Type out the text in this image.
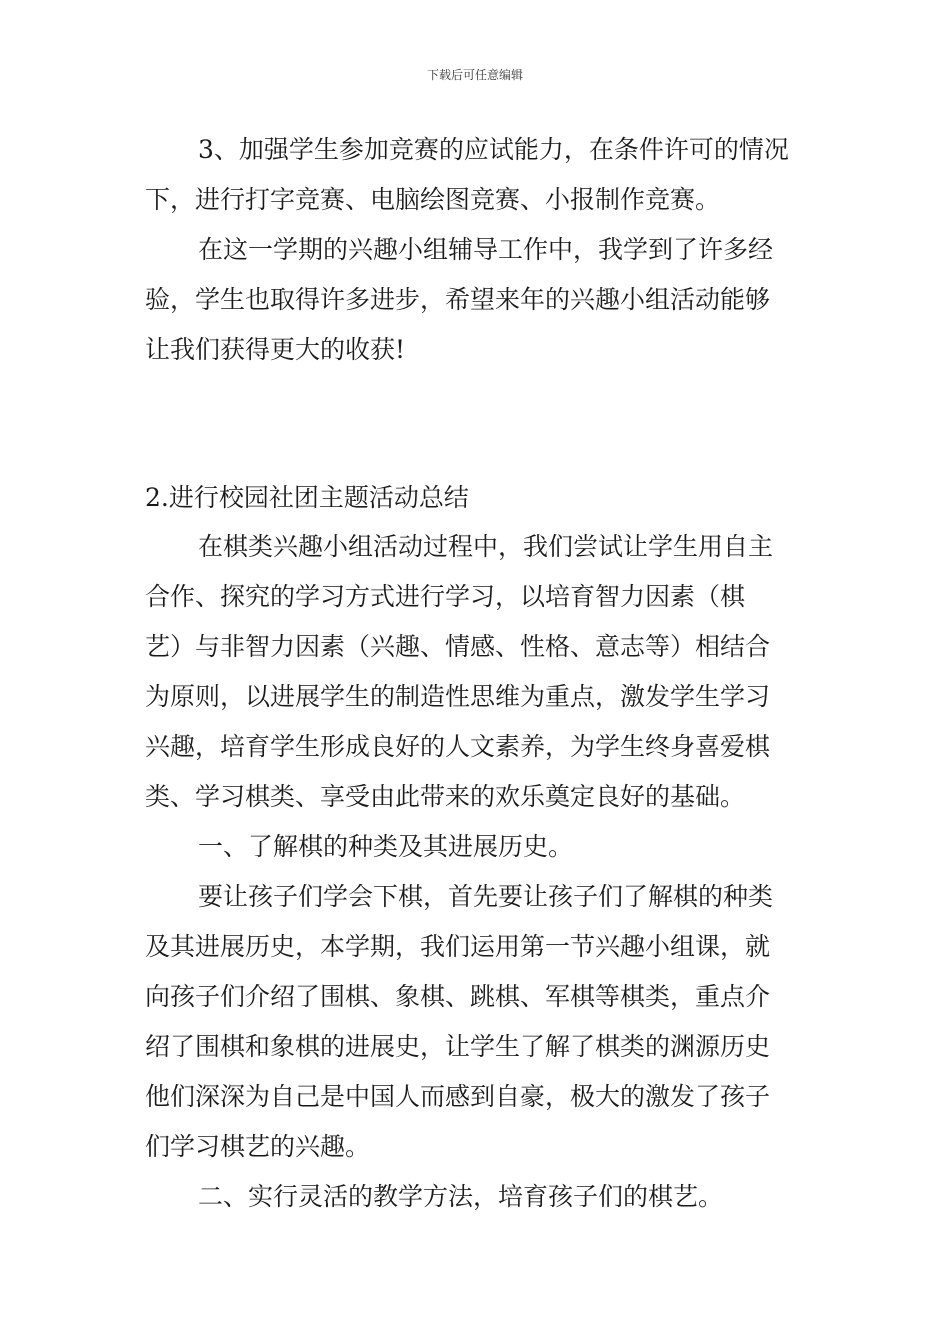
下载后可任意编辑
3、加强学生参加竞赛的应试能力，在条件许可的情况
下，进行打字竞赛、电脑绘图竞赛、小报制作竞赛。
在这一学期的兴趣小组辅导工作中，我学到了许多经
验，学生也取得许多进步，希望来年的兴趣小组活动能够
让我们获得更大的收获!
2.进行校园社团主题活动总结
在棋类兴趣小组活动过程中，我们尝试让学生用自主
合作、探究的学习方式进行学习，以培育智力因素（棋
艺）与非智力因素（兴趣、情感、性格、意志等）相结合
为原则，以进展学生的制造性思维为重点，激发学生学习
兴趣，培育学生形成良好的人文素养，为学生终身喜爱棋
类、学习棋类、享受由此带来的欢乐奠定良好的基础。
一、了解棋的种类及其进展历史。
要让孩子们学会下棋，首先要让孩子们了解棋的种类
及其进展历史，本学期，我们运用第一节兴趣小组课，就
向孩子们介绍了围棋、象棋、跳棋、军棋等棋类，重点介
绍了围棋和象棋的进展史，让学生了解了棋类的渊源历史
他们深深为自己是中国人而感到自豪，极大的激发了孩子
们学习棋艺的兴趣。
二、实行灵活的教学方法，培育孩子们的棋艺。
